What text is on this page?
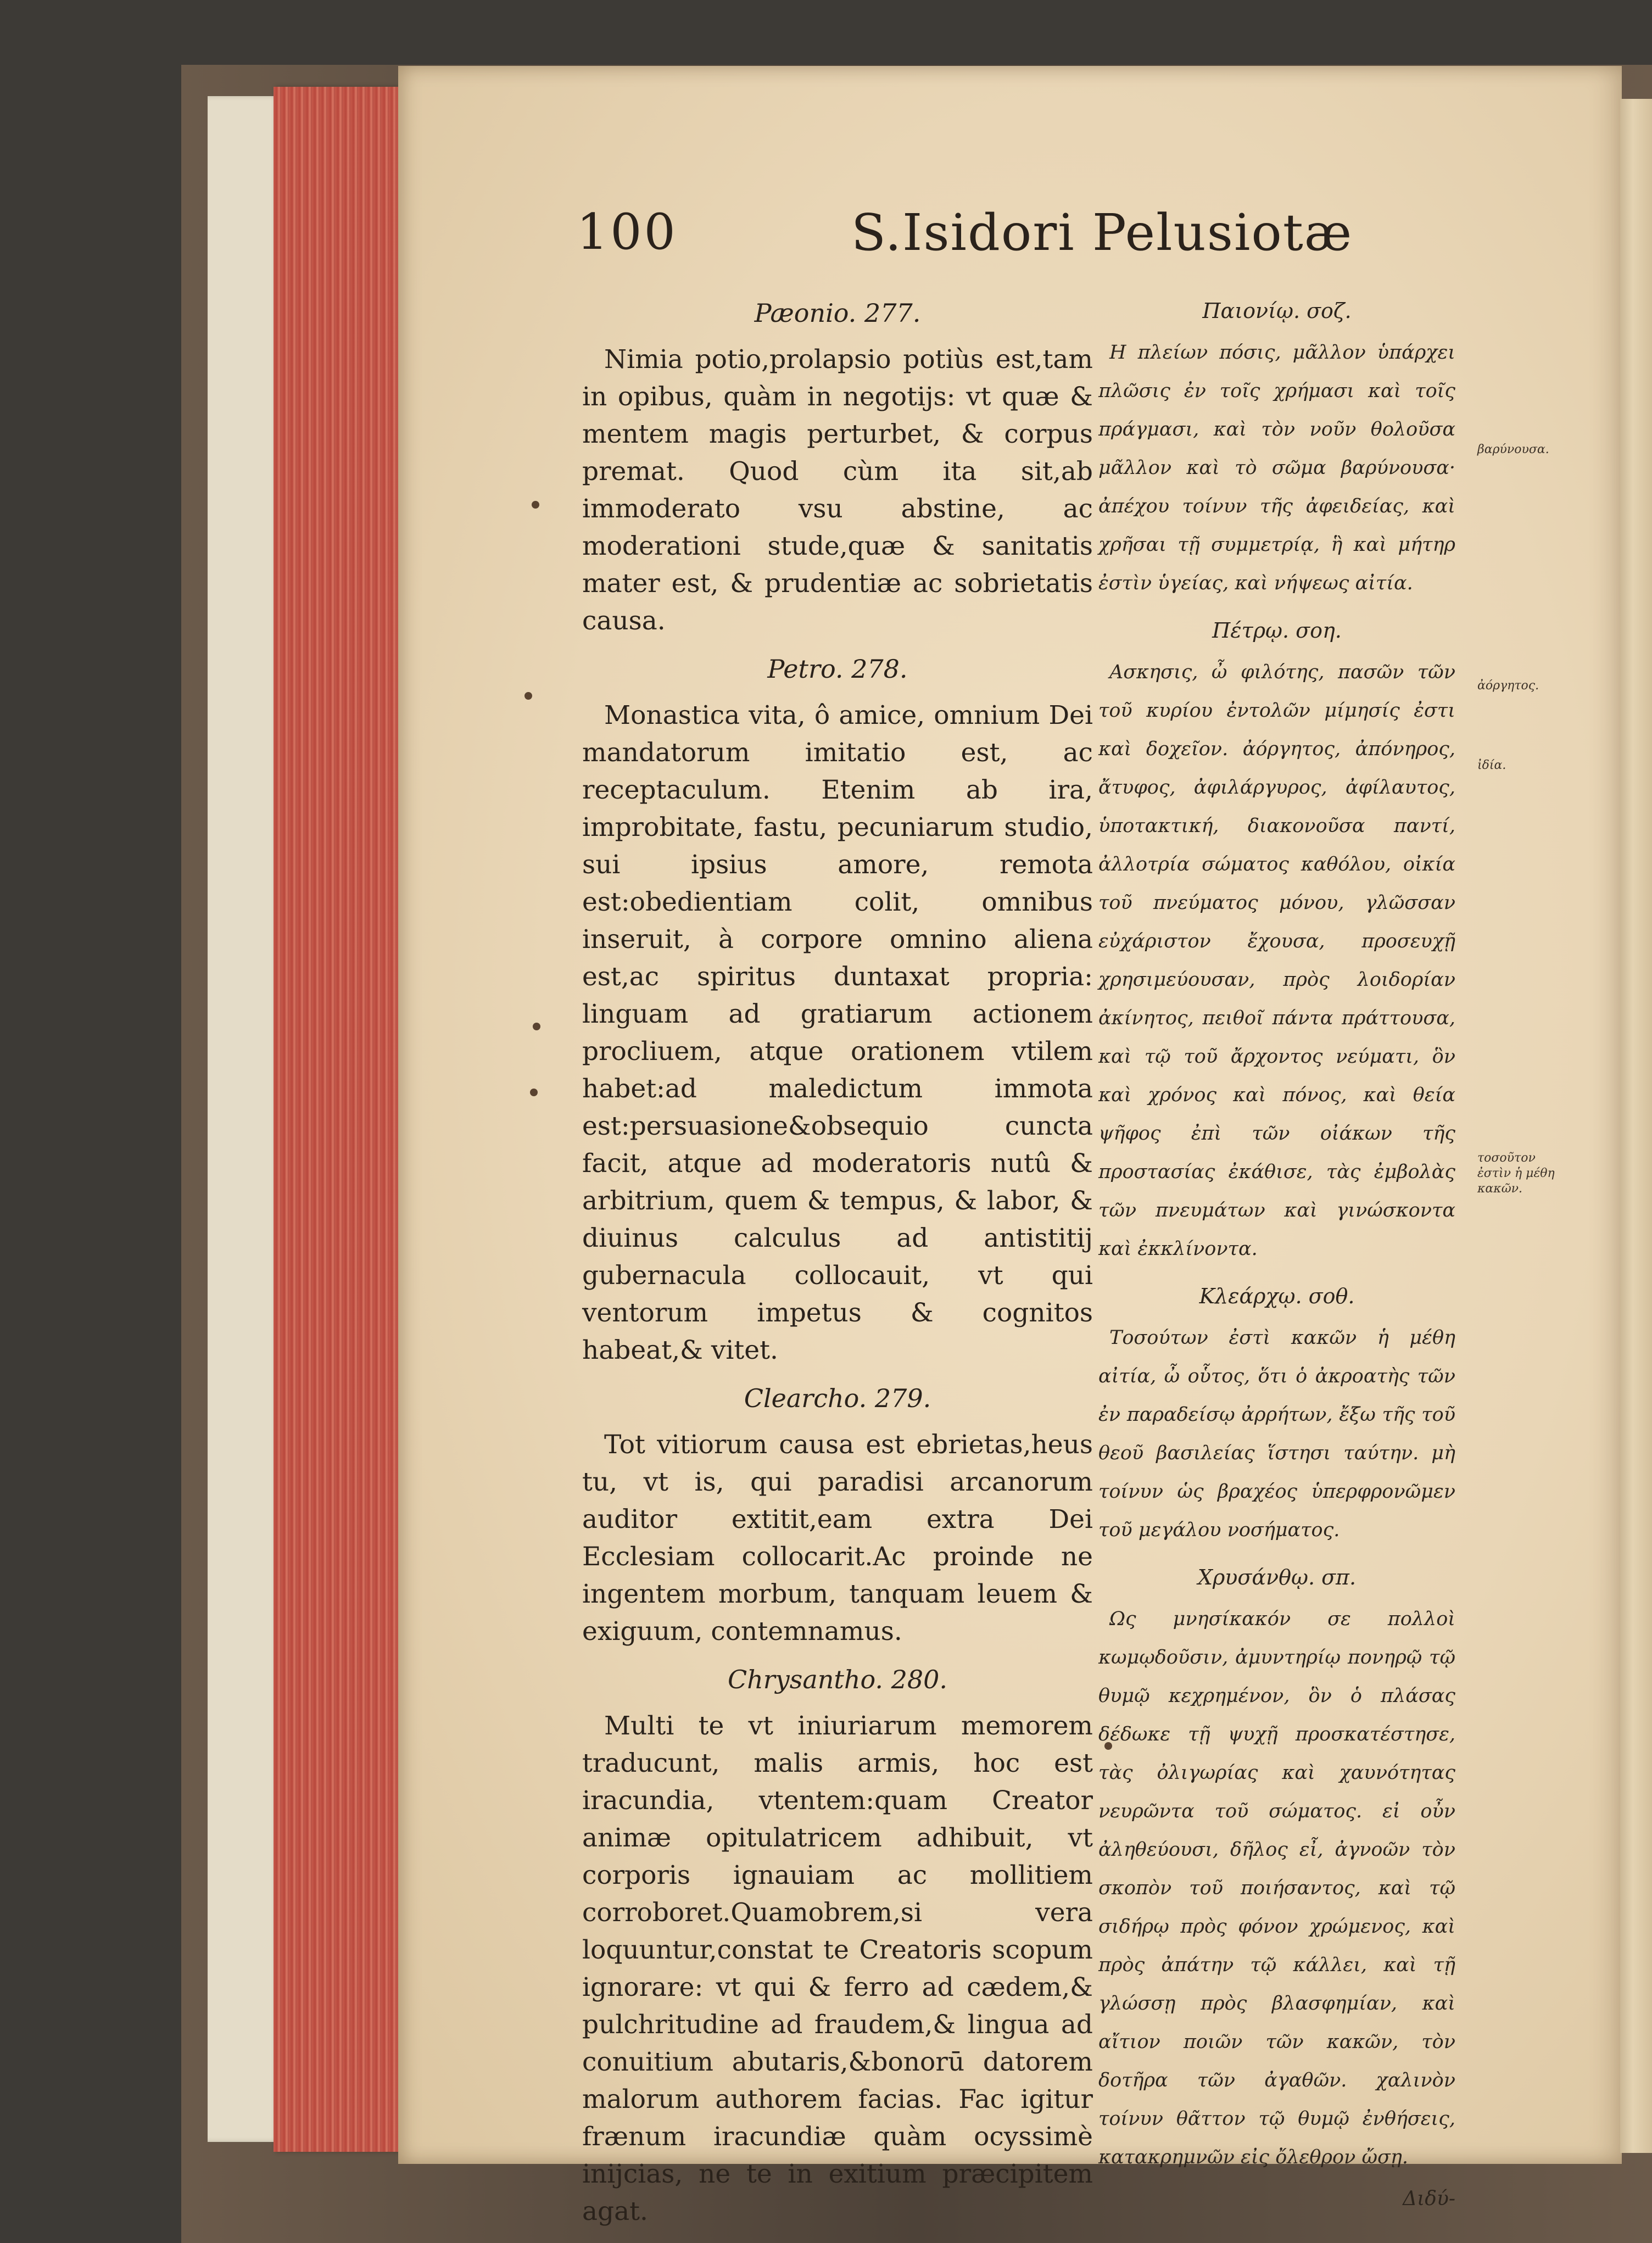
100	S.Isidori Pelusiotæ

Pæonio. 277.

Nimia potio,prolapsio potiùs est,tam in opibus, quàm in negotijs: vt quæ & mentem magis perturbet, & corpus premat. Quod cùm ita sit,ab immoderato vsu abstine, ac moderationi stude,quæ & sanitatis mater est, & prudentiæ ac sobrietatis causa.

Petro. 278.

Monastica vita, ô amice, omnium Dei mandatorum imitatio est, ac receptaculum. Etenim ab ira, improbitate, fastu, pecuniarum studio, sui ipsius amore, remota est:obedientiam colit, omnibus inseruit, à corpore omnino aliena est,ac spiritus duntaxat propria: linguam ad gratiarum actionem procliuem, atque orationem vtilem habet:ad maledictum immota est:persuasione&obsequio cuncta facit, atque ad moderatoris nutû & arbitrium, quem & tempus, & labor, & diuinus calculus ad antistitij gubernacula collocauit, vt qui ventorum impetus & cognitos habeat,& vitet.

Clearcho. 279.

Tot vitiorum causa est ebrietas,heus tu, vt is, qui paradisi arcanorum auditor extitit,eam extra Dei Ecclesiam collocarit.Ac proinde ne ingentem morbum, tanquam leuem & exiguum, contemnamus.

Chrysantho. 280.

Multi te vt iniuriarum memorem traducunt, malis armis, hoc est iracundia, vtentem:quam Creator animæ opitulatricem adhibuit, vt corporis ignauiam ac mollitiem corroboret.Quamobrem,si vera loquuntur,constat te Creatoris scopum ignorare: vt qui & ferro ad cædem,& pulchritudine ad fraudem,& lingua ad conuitium abutaris,&bonorū datorem malorum authorem facias. Fac igitur frænum iracundiæ quàm ocyssimè inijcias, ne te in exitium præcipitem agat.

Παιονίῳ. σοζ.

Η πλείων πόσις, μᾶλλον ὑπάρχει πλῶσις ἐν τοῖς χρήμασι καὶ τοῖς πράγμασι, καὶ τὸν νοῦν θολοῦσα μᾶλλον καὶ τὸ σῶμα βαρύνουσα· ἀπέχου τοίνυν τῆς ἀφειδείας, καὶ χρῆσαι τῇ συμμετρίᾳ, ἣ καὶ μήτηρ ἐστὶν ὑγείας, καὶ νήψεως αἰτία.

Πέτρῳ. σοη.

Ασκησις, ὦ φιλότης, πασῶν τῶν τοῦ κυρίου ἐντολῶν μίμησίς ἐστι καὶ δοχεῖον. ἀόργητος, ἀπόνηρος, ἄτυφος, ἀφιλάργυρος, ἀφίλαυτος, ὑποτακτική, διακονοῦσα παντί, ἀλλοτρία σώματος καθόλου, οἰκία τοῦ πνεύματος μόνου, γλῶσσαν εὐχάριστον ἔχουσα, προσευχῇ χρησιμεύουσαν, πρὸς λοιδορίαν ἀκίνητος, πειθοῖ πάντα πράττουσα, καὶ τῷ τοῦ ἄρχοντος νεύματι, ὃν καὶ χρόνος καὶ πόνος, καὶ θεία ψῆφος ἐπὶ τῶν οἰάκων τῆς προστασίας ἐκάθισε, τὰς ἐμβολὰς τῶν πνευμάτων καὶ γινώσκοντα καὶ ἐκκλίνοντα.

Κλεάρχῳ. σοθ.

Τοσούτων ἐστὶ κακῶν ἡ μέθη αἰτία, ὦ οὗτος, ὅτι ὁ ἀκροατὴς τῶν ἐν παραδείσῳ ἀρρήτων, ἔξω τῆς τοῦ θεοῦ βασιλείας ἵστησι ταύτην. μὴ τοίνυν ὡς βραχέος ὑπερφρονῶμεν τοῦ μεγάλου νοσήματος.

Χρυσάνθῳ. σπ.

Ως μνησίκακόν σε πολλοὶ κωμῳδοῦσιν, ἀμυντηρίῳ πονηρῷ τῷ θυμῷ κεχρημένον, ὃν ὁ πλάσας δέδωκε τῇ ψυχῇ προσκατέστησε, τὰς ὀλιγωρίας καὶ χαυνότητας νευρῶντα τοῦ σώματος. εἰ οὖν ἀληθεύουσι, δῆλος εἶ, ἀγνοῶν τὸν σκοπὸν τοῦ ποιήσαντος, καὶ τῷ σιδήρῳ πρὸς φόνον χρώμενος, καὶ πρὸς ἀπάτην τῷ κάλλει, καὶ τῇ γλώσσῃ πρὸς βλασφημίαν, καὶ αἴτιον ποιῶν τῶν κακῶν, τὸν δοτῆρα τῶν ἀγαθῶν. χαλινὸν τοίνυν θᾶττον τῷ θυμῷ ἐνθήσεις, κατακρημνῶν εἰς ὄλεθρον ὤσῃ.

Διδύ-

βαρύνουσα.
ἀόργητος.
ἰδία.
τοσοῦτον ἐστὶν ἡ μέθη κακῶν.
